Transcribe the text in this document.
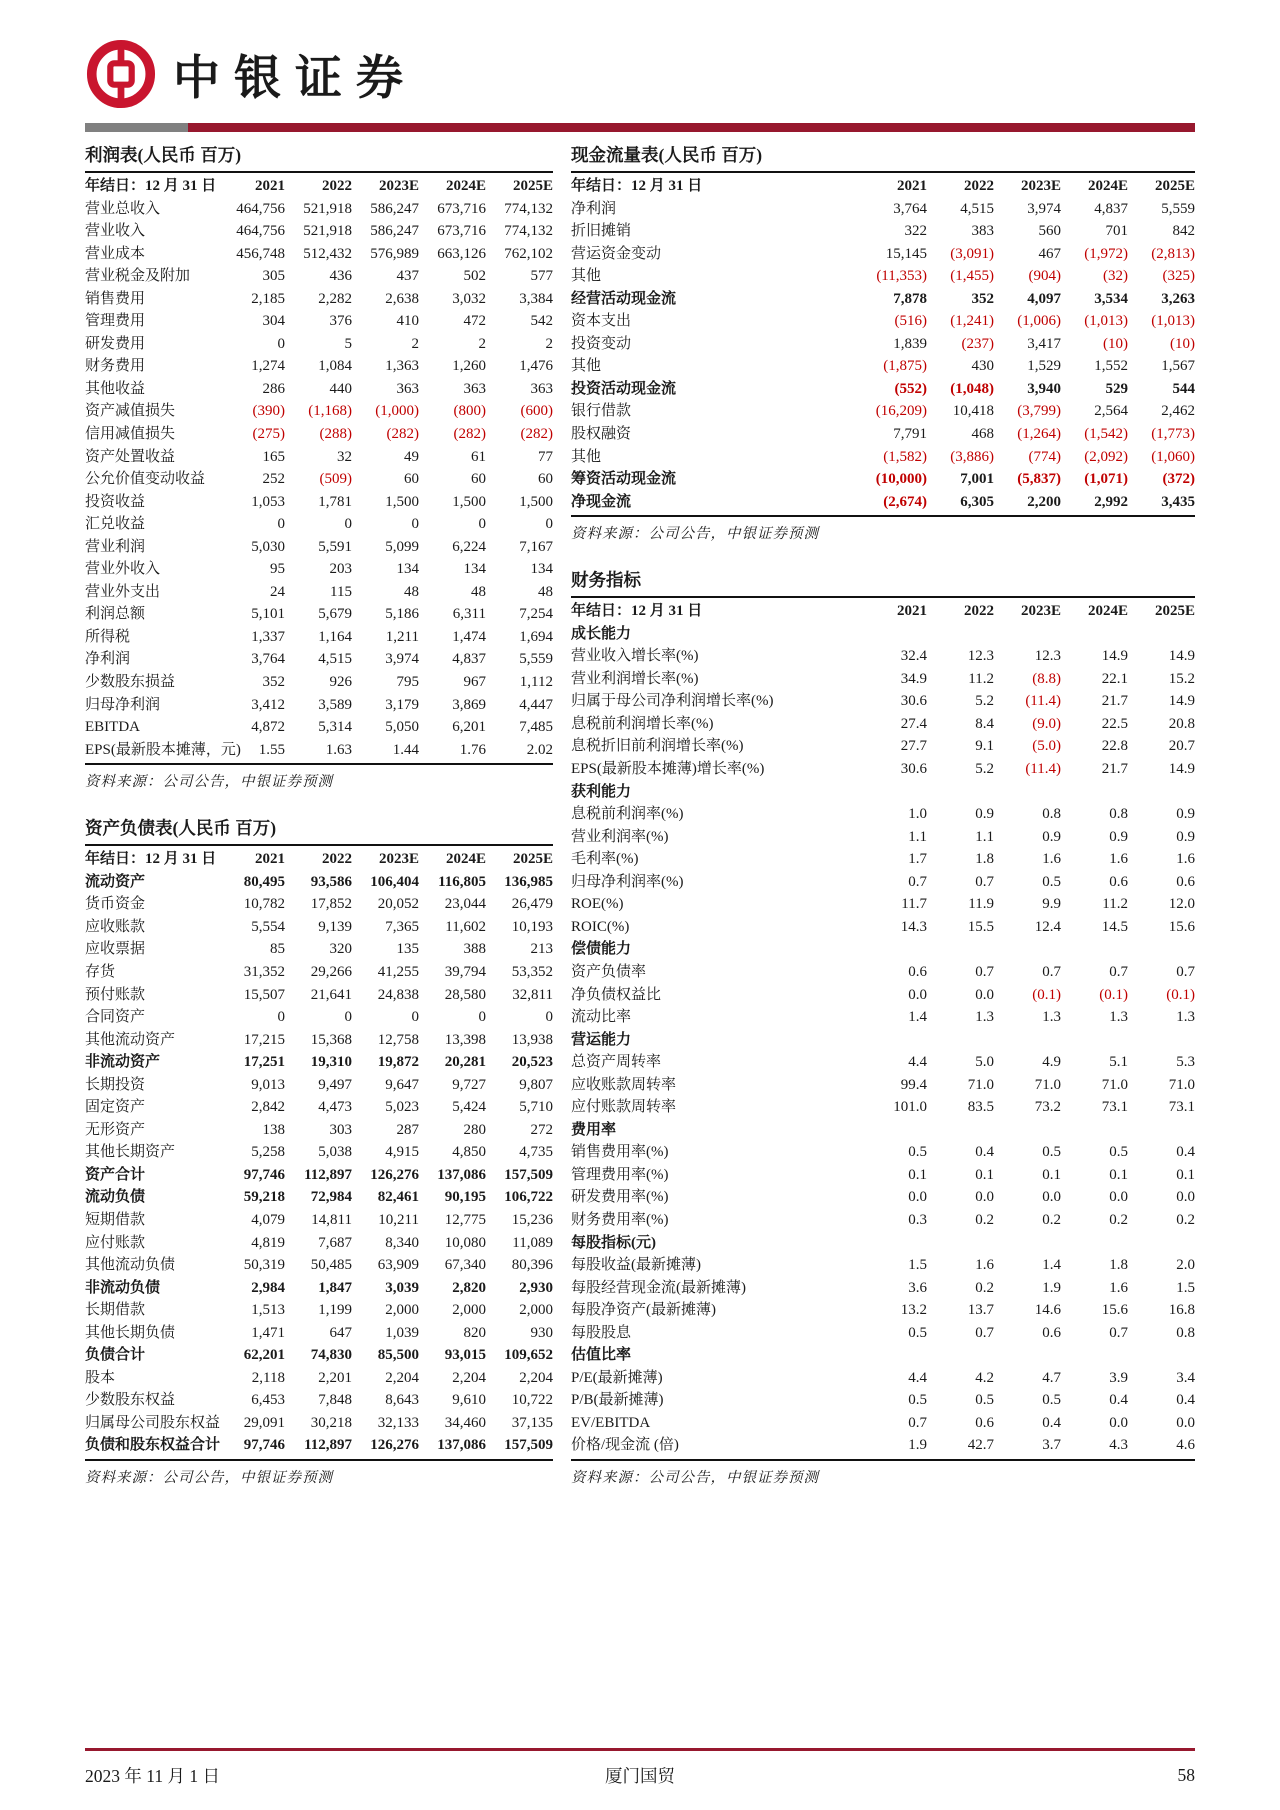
中银证券
利润表(人民币 百万)
年结日：12 月 31 日	2021	2022	2023E	2024E	2025E
营业总收入	464,756	521,918	586,247	673,716	774,132
营业收入	464,756	521,918	586,247	673,716	774,132
营业成本	456,748	512,432	576,989	663,126	762,102
营业税金及附加	305	436	437	502	577
销售费用	2,185	2,282	2,638	3,032	3,384
管理费用	304	376	410	472	542
研发费用	0	5	2	2	2
财务费用	1,274	1,084	1,363	1,260	1,476
其他收益	286	440	363	363	363
资产减值损失	(390)	(1,168)	(1,000)	(800)	(600)
信用减值损失	(275)	(288)	(282)	(282)	(282)
资产处置收益	165	32	49	61	77
公允价值变动收益	252	(509)	60	60	60
投资收益	1,053	1,781	1,500	1,500	1,500
汇兑收益	0	0	0	0	0
营业利润	5,030	5,591	5,099	6,224	7,167
营业外收入	95	203	134	134	134
营业外支出	24	115	48	48	48
利润总额	5,101	5,679	5,186	6,311	7,254
所得税	1,337	1,164	1,211	1,474	1,694
净利润	3,764	4,515	3,974	4,837	5,559
少数股东损益	352	926	795	967	1,112
归母净利润	3,412	3,589	3,179	3,869	4,447
EBITDA	4,872	5,314	5,050	6,201	7,485
EPS(最新股本摊薄，元)	1.55	1.63	1.44	1.76	2.02
资料来源：公司公告，中银证券预测
资产负债表(人民币 百万)
年结日：12 月 31 日	2021	2022	2023E	2024E	2025E
流动资产	80,495	93,586	106,404	116,805	136,985
货币资金	10,782	17,852	20,052	23,044	26,479
应收账款	5,554	9,139	7,365	11,602	10,193
应收票据	85	320	135	388	213
存货	31,352	29,266	41,255	39,794	53,352
预付账款	15,507	21,641	24,838	28,580	32,811
合同资产	0	0	0	0	0
其他流动资产	17,215	15,368	12,758	13,398	13,938
非流动资产	17,251	19,310	19,872	20,281	20,523
长期投资	9,013	9,497	9,647	9,727	9,807
固定资产	2,842	4,473	5,023	5,424	5,710
无形资产	138	303	287	280	272
其他长期资产	5,258	5,038	4,915	4,850	4,735
资产合计	97,746	112,897	126,276	137,086	157,509
流动负债	59,218	72,984	82,461	90,195	106,722
短期借款	4,079	14,811	10,211	12,775	15,236
应付账款	4,819	7,687	8,340	10,080	11,089
其他流动负债	50,319	50,485	63,909	67,340	80,396
非流动负债	2,984	1,847	3,039	2,820	2,930
长期借款	1,513	1,199	2,000	2,000	2,000
其他长期负债	1,471	647	1,039	820	930
负债合计	62,201	74,830	85,500	93,015	109,652
股本	2,118	2,201	2,204	2,204	2,204
少数股东权益	6,453	7,848	8,643	9,610	10,722
归属母公司股东权益	29,091	30,218	32,133	34,460	37,135
负债和股东权益合计	97,746	112,897	126,276	137,086	157,509
资料来源：公司公告，中银证券预测
现金流量表(人民币 百万)
年结日：12 月 31 日	2021	2022	2023E	2024E	2025E
净利润	3,764	4,515	3,974	4,837	5,559
折旧摊销	322	383	560	701	842
营运资金变动	15,145	(3,091)	467	(1,972)	(2,813)
其他	(11,353)	(1,455)	(904)	(32)	(325)
经营活动现金流	7,878	352	4,097	3,534	3,263
资本支出	(516)	(1,241)	(1,006)	(1,013)	(1,013)
投资变动	1,839	(237)	3,417	(10)	(10)
其他	(1,875)	430	1,529	1,552	1,567
投资活动现金流	(552)	(1,048)	3,940	529	544
银行借款	(16,209)	10,418	(3,799)	2,564	2,462
股权融资	7,791	468	(1,264)	(1,542)	(1,773)
其他	(1,582)	(3,886)	(774)	(2,092)	(1,060)
筹资活动现金流	(10,000)	7,001	(5,837)	(1,071)	(372)
净现金流	(2,674)	6,305	2,200	2,992	3,435
资料来源：公司公告，中银证券预测
财务指标
年结日：12 月 31 日	2021	2022	2023E	2024E	2025E
成长能力
营业收入增长率(%)	32.4	12.3	12.3	14.9	14.9
营业利润增长率(%)	34.9	11.2	(8.8)	22.1	15.2
归属于母公司净利润增长率(%)	30.6	5.2	(11.4)	21.7	14.9
息税前利润增长率(%)	27.4	8.4	(9.0)	22.5	20.8
息税折旧前利润增长率(%)	27.7	9.1	(5.0)	22.8	20.7
EPS(最新股本摊薄)增长率(%)	30.6	5.2	(11.4)	21.7	14.9
获利能力
息税前利润率(%)	1.0	0.9	0.8	0.8	0.9
营业利润率(%)	1.1	1.1	0.9	0.9	0.9
毛利率(%)	1.7	1.8	1.6	1.6	1.6
归母净利润率(%)	0.7	0.7	0.5	0.6	0.6
ROE(%)	11.7	11.9	9.9	11.2	12.0
ROIC(%)	14.3	15.5	12.4	14.5	15.6
偿债能力
资产负债率	0.6	0.7	0.7	0.7	0.7
净负债权益比	0.0	0.0	(0.1)	(0.1)	(0.1)
流动比率	1.4	1.3	1.3	1.3	1.3
营运能力
总资产周转率	4.4	5.0	4.9	5.1	5.3
应收账款周转率	99.4	71.0	71.0	71.0	71.0
应付账款周转率	101.0	83.5	73.2	73.1	73.1
费用率
销售费用率(%)	0.5	0.4	0.5	0.5	0.4
管理费用率(%)	0.1	0.1	0.1	0.1	0.1
研发费用率(%)	0.0	0.0	0.0	0.0	0.0
财务费用率(%)	0.3	0.2	0.2	0.2	0.2
每股指标(元)
每股收益(最新摊薄)	1.5	1.6	1.4	1.8	2.0
每股经营现金流(最新摊薄)	3.6	0.2	1.9	1.6	1.5
每股净资产(最新摊薄)	13.2	13.7	14.6	15.6	16.8
每股股息	0.5	0.7	0.6	0.7	0.8
估值比率
P/E(最新摊薄)	4.4	4.2	4.7	3.9	3.4
P/B(最新摊薄)	0.5	0.5	0.5	0.4	0.4
EV/EBITDA	0.7	0.6	0.4	0.0	0.0
价格/现金流 (倍)	1.9	42.7	3.7	4.3	4.6
资料来源：公司公告，中银证券预测
2023 年 11 月 1 日	厦门国贸	58
